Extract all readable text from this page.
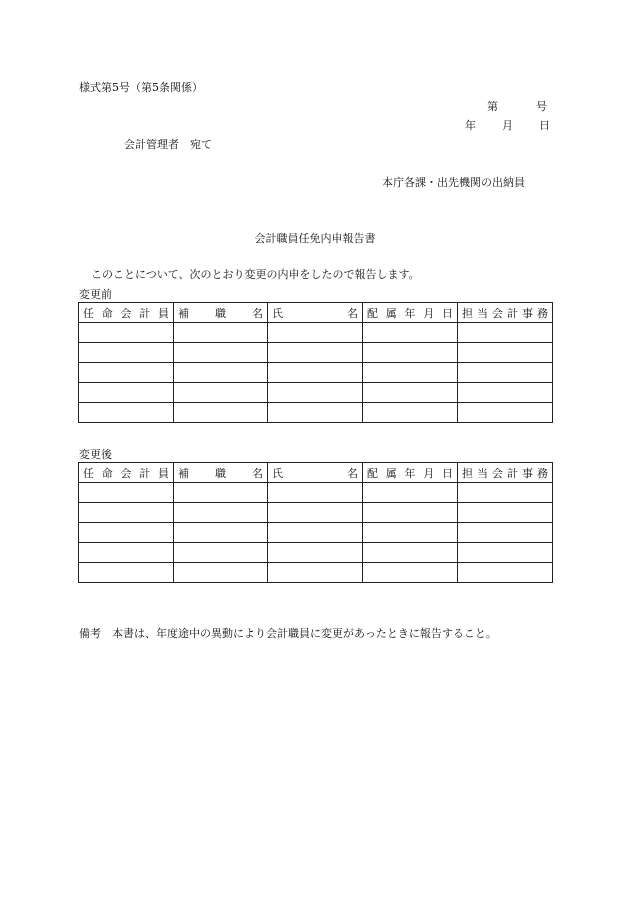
様式第5号（第5条関係）
第	号
年 月 日
会計管理者　宛て
本庁各課・出先機関の出納員
会計職員任免内申報告書
このことについて、次のとおり変更の内申をしたので報告します。
変更前
任命会計員	補職名	氏名	配属年月日	担当会計事務

変更後
任命会計員	補職名	氏名	配属年月日	担当会計事務

備考　本書は、年度途中の異動により会計職員に変更があったときに報告すること。
